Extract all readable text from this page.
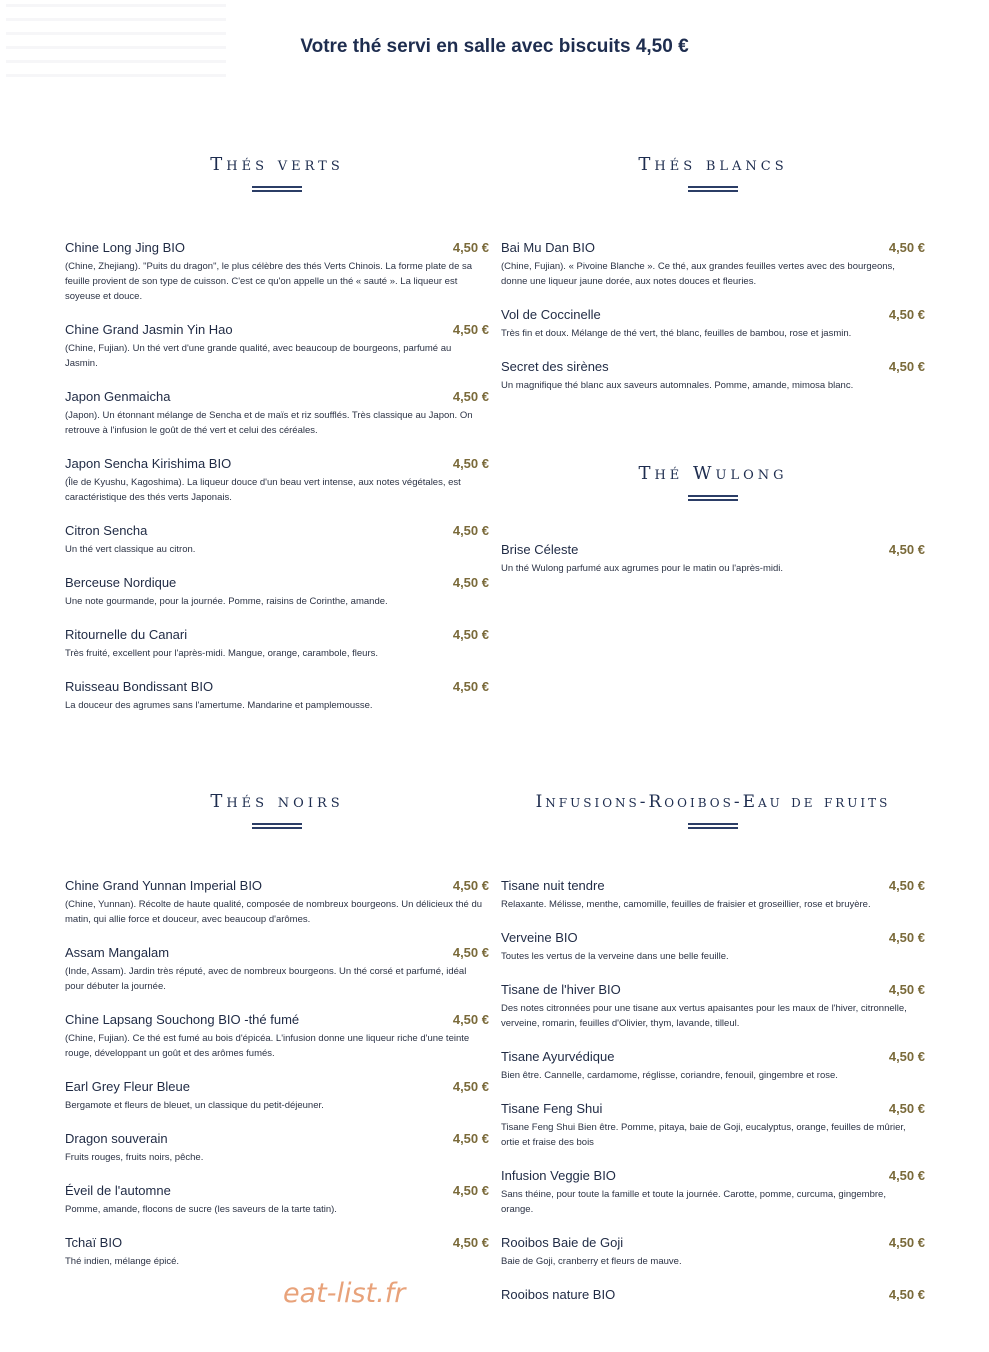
Votre thé servi en salle avec biscuits 4,50 €
Thés verts
Chine Long Jing BIO	4,50 €
(Chine, Zhejiang). "Puits du dragon", le plus célèbre des thés Verts Chinois. La forme plate de sa feuille provient de son type de cuisson. C'est ce qu'on appelle un thé « sauté ». La liqueur est soyeuse et douce.
Chine Grand Jasmin Yin Hao	4,50 €
(Chine, Fujian). Un thé vert d'une grande qualité, avec beaucoup de bourgeons, parfumé au Jasmin.
Japon Genmaicha	4,50 €
(Japon). Un étonnant mélange de Sencha et de maïs et riz soufflés. Très classique au Japon. On retrouve à l'infusion le goût de thé vert et celui des céréales.
Japon Sencha Kirishima BIO	4,50 €
(Île de Kyushu, Kagoshima). La liqueur douce d'un beau vert intense, aux notes végétales, est caractéristique des thés verts Japonais.
Citron Sencha	4,50 €
Un thé vert classique au citron.
Berceuse Nordique	4,50 €
Une note gourmande, pour la journée. Pomme, raisins de Corinthe, amande.
Ritournelle du Canari	4,50 €
Très fruité, excellent pour l'après-midi. Mangue, orange, carambole, fleurs.
Ruisseau Bondissant BIO	4,50 €
La douceur des agrumes sans l'amertume. Mandarine et pamplemousse.
Thés blancs
Bai Mu Dan BIO	4,50 €
(Chine, Fujian). « Pivoine Blanche ». Ce thé, aux grandes feuilles vertes avec des bourgeons, donne une liqueur jaune dorée, aux notes douces et fleuries.
Vol de Coccinelle	4,50 €
Très fin et doux. Mélange de thé vert, thé blanc, feuilles de bambou, rose et jasmin.
Secret des sirènes	4,50 €
Un magnifique thé blanc aux saveurs automnales. Pomme, amande, mimosa blanc.
Thé Wulong
Brise Céleste	4,50 €
Un thé Wulong parfumé aux agrumes pour le matin ou l'après-midi.
Thés noirs
Chine Grand Yunnan Imperial BIO	4,50 €
(Chine, Yunnan). Récolte de haute qualité, composée de nombreux bourgeons. Un délicieux thé du matin, qui allie force et douceur, avec beaucoup d'arômes.
Assam Mangalam	4,50 €
(Inde, Assam). Jardin très réputé, avec de nombreux bourgeons. Un thé corsé et parfumé, idéal pour débuter la journée.
Chine Lapsang Souchong BIO -thé fumé	4,50 €
(Chine, Fujian). Ce thé est fumé au bois d'épicéa. L'infusion donne une liqueur riche d'une teinte rouge, développant un goût et des arômes fumés.
Earl Grey Fleur Bleue	4,50 €
Bergamote et fleurs de bleuet, un classique du petit-déjeuner.
Dragon souverain	4,50 €
Fruits rouges, fruits noirs, pêche.
Éveil de l'automne	4,50 €
Pomme, amande, flocons de sucre (les saveurs de la tarte tatin).
Tchaï BIO	4,50 €
Thé indien, mélange épicé.
Infusions-Rooibos-Eau de fruits
Tisane nuit tendre	4,50 €
Relaxante. Mélisse, menthe, camomille, feuilles de fraisier et groseillier, rose et bruyère.
Verveine BIO	4,50 €
Toutes les vertus de la verveine dans une belle feuille.
Tisane de l'hiver BIO	4,50 €
Des notes citronnées pour une tisane aux vertus apaisantes pour les maux de l'hiver, citronnelle, verveine, romarin, feuilles d'Olivier, thym, lavande, tilleul.
Tisane Ayurvédique	4,50 €
Bien être. Cannelle, cardamome, réglisse, coriandre, fenouil, gingembre et rose.
Tisane Feng Shui	4,50 €
Tisane Feng Shui Bien être. Pomme, pitaya, baie de Goji, eucalyptus, orange, feuilles de mûrier, ortie et fraise des bois
Infusion Veggie BIO	4,50 €
Sans théine, pour toute la famille et toute la journée. Carotte, pomme, curcuma, gingembre, orange.
Rooibos Baie de Goji	4,50 €
Baie de Goji, cranberry et fleurs de mauve.
Rooibos nature BIO	4,50 €
eat-list.fr
